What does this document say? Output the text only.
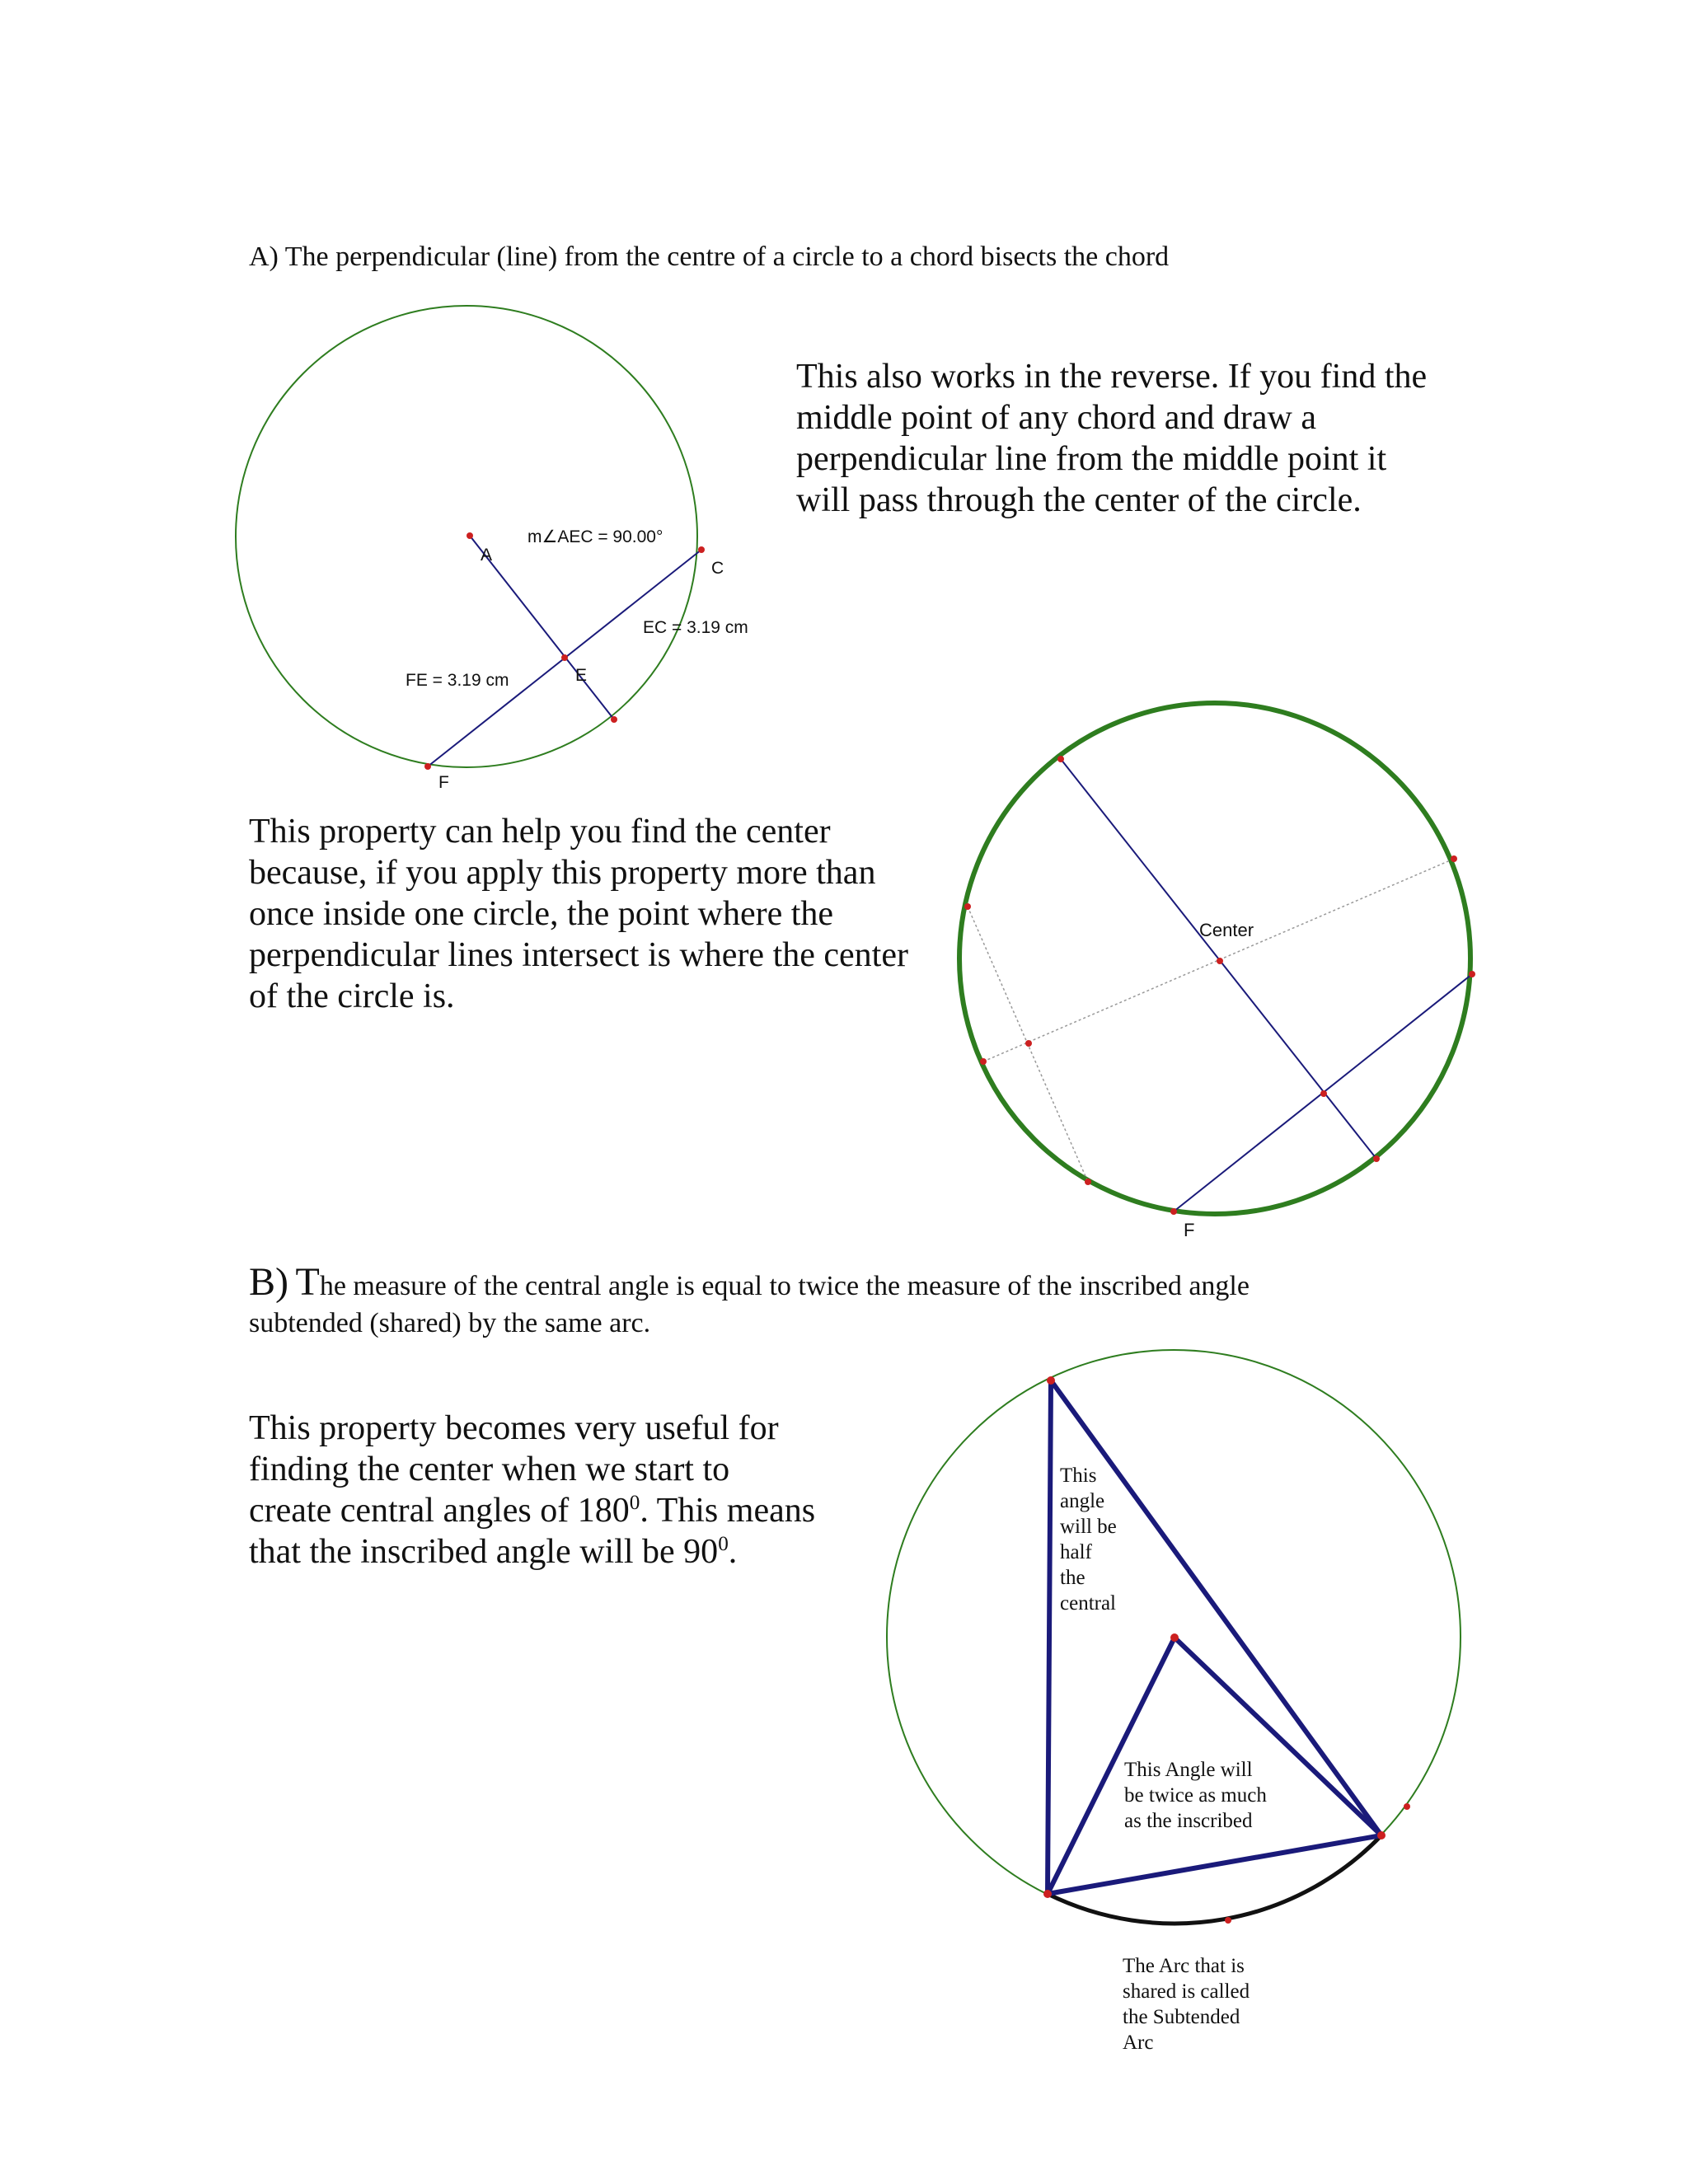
A) The perpendicular (line) from the centre of a circle to a chord bisects the chord
This also works in the reverse. If you find the middle point of any chord and draw a perpendicular line from the middle point it will pass through the center of the circle.
This property can help you find the center because, if you apply this property more than once inside one circle, the point where the perpendicular lines intersect is where the center of the circle is.
B) The measure of the central angle is equal to twice the measure of the inscribed angle
subtended (shared) by the same arc.
This property becomes very useful for
finding the center when we start to
create central angles of $180^0$. This means
that the inscribed angle will be $90^0$.
m∠AEC = 90.00°
A
C
EC = 3.19 cm
FE = 3.19 cm	E
F
Center
F
This
angle
will be
half
the
central
This Angle will
be twice as much
as the inscribed
The Arc that is
shared is called
the Subtended
Arc
